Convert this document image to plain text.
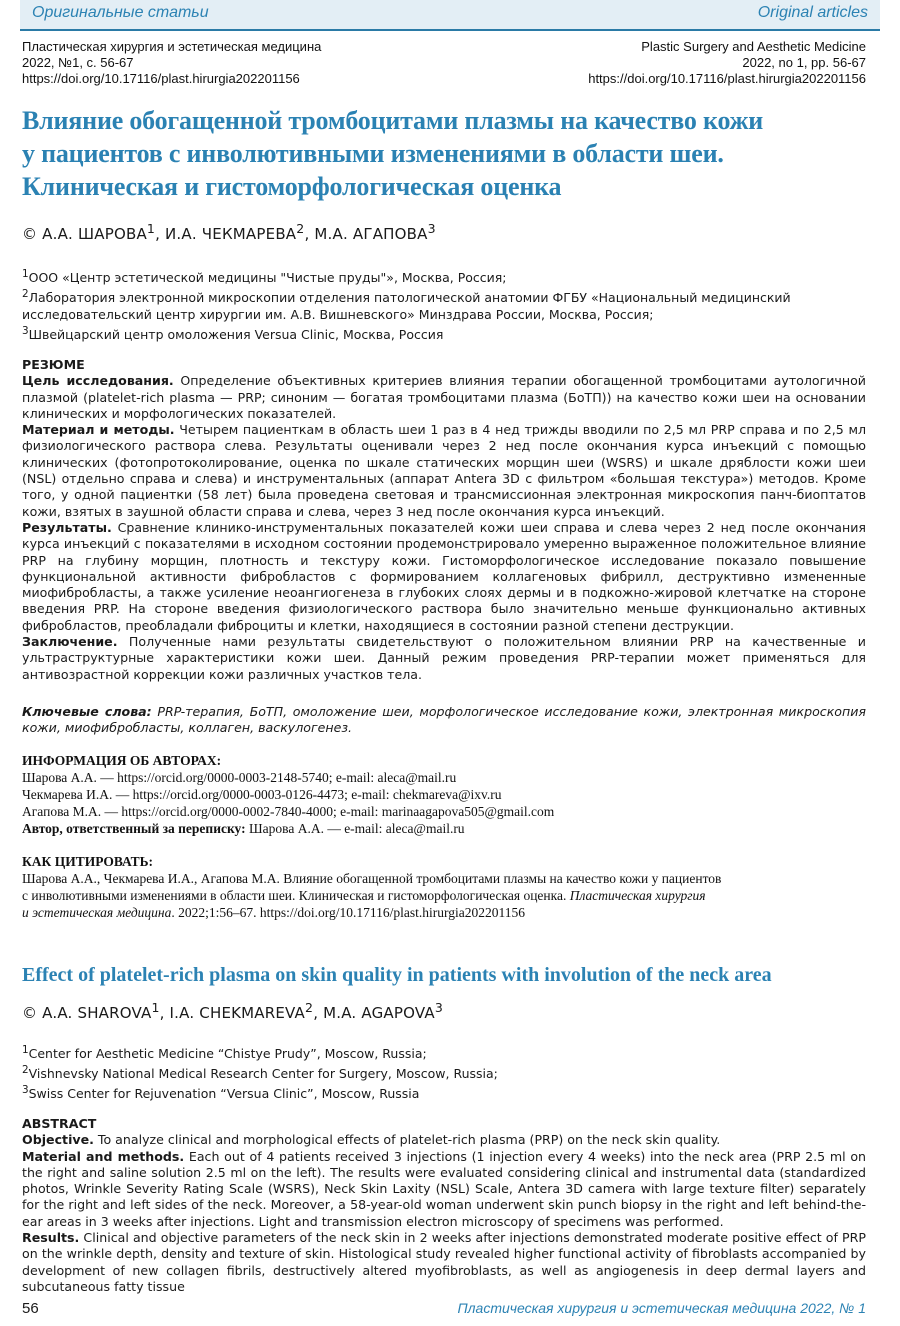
Оригинальные статьи	Original articles
Пластическая хирургия и эстетическая медицина
2022, №1, с. 56-67
https://doi.org/10.17116/plast.hirurgia202201156
Plastic Surgery and Aesthetic Medicine
2022, no 1, pp. 56-67
https://doi.org/10.17116/plast.hirurgia202201156
Влияние обогащенной тромбоцитами плазмы на качество кожи
у пациентов с инволютивными изменениями в области шеи.
Клиническая и гистоморфологическая оценка
© А.А. ШАРОВА$^1$, И.А. ЧЕКМАРЕВА$^2$, М.А. АГАПОВА$^3$

$^1$ООО «Центр эстетической медицины "Чистые пруды"», Москва, Россия;

$^2$Лаборатория электронной микроскопии отделения патологической анатомии ФГБУ «Национальный медицинский исследовательский центр хирургии им. А.В. Вишневского» Минздрава России, Москва, Россия;

$^3$Швейцарский центр омоложения Versua Clinic, Москва, Россия

РЕЗЮМЕ

Цель исследования. Определение объективных критериев влияния терапии обогащенной тромбоцитами аутологичной плазмой (platelet-rich plasma — PRP; синоним — богатая тромбоцитами плазма (БоТП)) на качество кожи шеи на основании клинических и морфологических показателей.

Материал и методы. Четырем пациенткам в область шеи 1 раз в 4 нед трижды вводили по 2,5 мл PRP справа и по 2,5 мл физиологического раствора слева. Результаты оценивали через 2 нед после окончания курса инъекций с помощью клинических (фотопротоколирование, оценка по шкале статических морщин шеи (WSRS) и шкале дряблости кожи шеи (NSL) отдельно справа и слева) и инструментальных (аппарат Antera 3D с фильтром «большая текстура») методов. Кроме того, у одной пациентки (58 лет) была проведена световая и трансмиссионная электронная микроскопия панч-биоптатов кожи, взятых в заушной области справа и слева, через 3 нед после окончания курса инъекций.

Результаты. Сравнение клинико-инструментальных показателей кожи шеи справа и слева через 2 нед после окончания курса инъекций с показателями в исходном состоянии продемонстрировало умеренно выраженное положительное влияние PRP на глубину морщин, плотность и текстуру кожи. Гистоморфологическое исследование показало повышение функциональной активности фибробластов с формированием коллагеновых фибрилл, деструктивно измененные миофибробласты, а также усиление неоангиогенеза в глубоких слоях дермы и в подкожно-жировой клетчатке на стороне введения PRP. На стороне введения физиологического раствора было значительно меньше функционально активных фибробластов, преобладали фиброциты и клетки, находящиеся в состоянии разной степени деструкции.

Заключение. Полученные нами результаты свидетельствуют о положительном влиянии PRP на качественные и ультраструктурные характеристики кожи шеи. Данный режим проведения PRP-терапии может применяться для антивозрастной коррекции кожи различных участков тела.

Ключевые слова: PRP-терапия, БоТП, омоложение шеи, морфологическое исследование кожи, электронная микроскопия кожи, миофибробласты, коллаген, васкулогенез.

ИНФОРМАЦИЯ ОБ АВТОРАХ:

Шарова А.А. — https://orcid.org/0000-0003-2148-5740; e-mail: aleca@mail.ru

Чекмарева И.А. — https://orcid.org/0000-0003-0126-4473; e-mail: chekmareva@ixv.ru

Агапова М.А. — https://orcid.org/0000-0002-7840-4000; e-mail: marinaagapova505@gmail.com

Автор, ответственный за переписку: Шарова А.А. — e-mail: aleca@mail.ru

КАК ЦИТИРОВАТЬ:

Шарова А.А., Чекмарева И.А., Агапова М.А. Влияние обогащенной тромбоцитами плазмы на качество кожи у пациентов

с инволютивными изменениями в области шеи. Клиническая и гистоморфологическая оценка. Пластическая хирургия

и эстетическая медицина. 2022;1:56–67. https://doi.org/10.17116/plast.hirurgia202201156

Effect of platelet-rich plasma on skin quality in patients with involution of the neck area
© A.A. SHAROVA$^1$, I.A. CHEKMAREVA$^2$, M.A. AGAPOVA$^3$

$^1$Center for Aesthetic Medicine “Chistye Prudy”, Moscow, Russia;

$^2$Vishnevsky National Medical Research Center for Surgery, Moscow, Russia;

$^3$Swiss Center for Rejuvenation “Versua Clinic”, Moscow, Russia

ABSTRACT

Objective. To analyze clinical and morphological effects of platelet-rich plasma (PRP) on the neck skin quality.

Material and methods. Each out of 4 patients received 3 injections (1 injection every 4 weeks) into the neck area (PRP 2.5 ml on the right and saline solution 2.5 ml on the left). The results were evaluated considering clinical and instrumental data (standardized photos, Wrinkle Severity Rating Scale (WSRS), Neck Skin Laxity (NSL) Scale, Antera 3D camera with large texture filter) separately for the right and left sides of the neck. Moreover, a 58-year-old woman underwent skin punch biopsy in the right and left behind-the-ear areas in 3 weeks after injections. Light and transmission electron microscopy of specimens was performed.

Results. Clinical and objective parameters of the neck skin in 2 weeks after injections demonstrated moderate positive effect of PRP on the wrinkle depth, density and texture of skin. Histological study revealed higher functional activity of fibroblasts accompanied by development of new collagen fibrils, destructively altered myofibroblasts, as well as angiogenesis in deep dermal layers and subcutaneous fatty tissue

56	Пластическая хирургия и эстетическая медицина 2022, № 1
